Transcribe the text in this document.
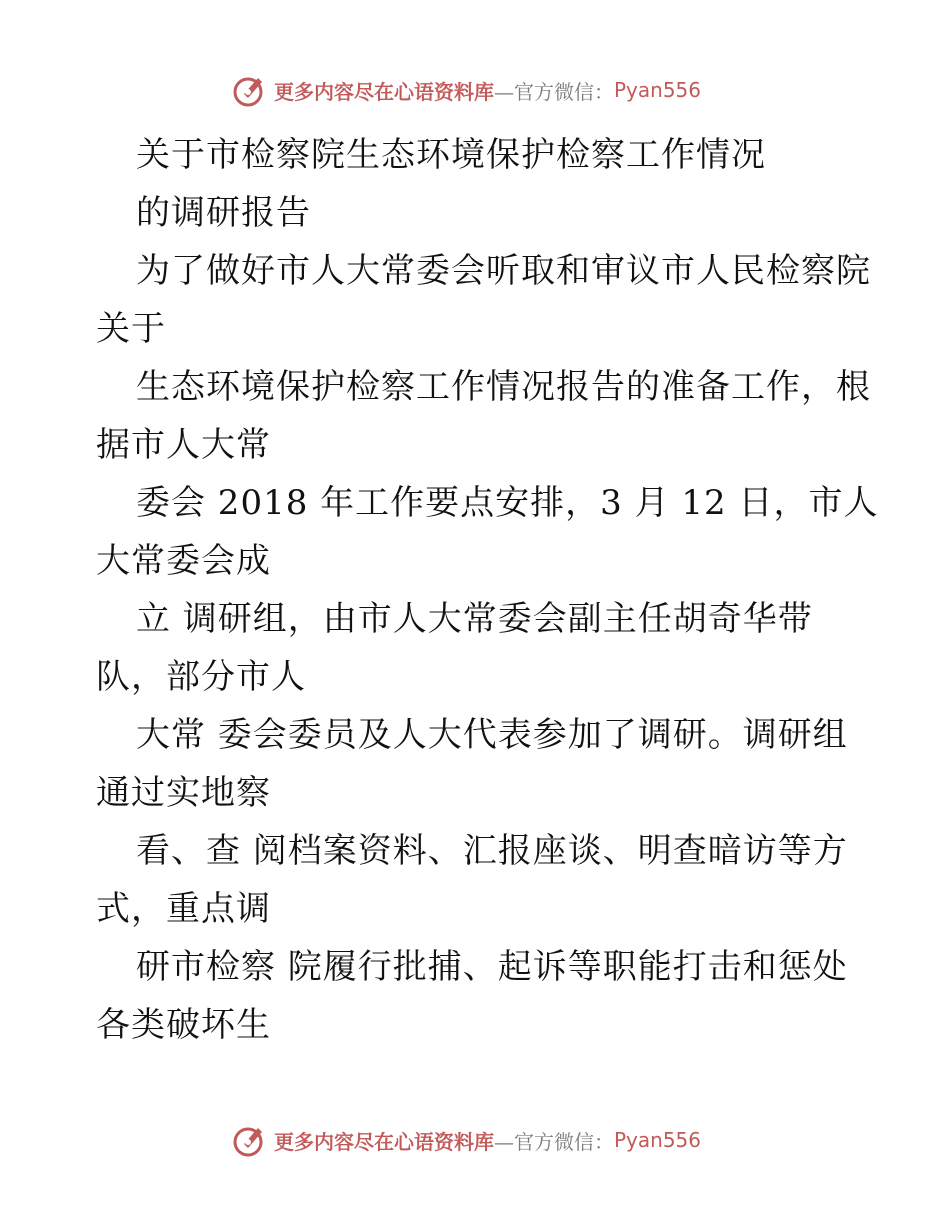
更多内容尽在心语资料库 —官方微信： Pyan556
关于市检察院生态环境保护检察工作情况
的调研报告
为了做好市人大常委会听取和审议市人民检察院
关于
生态环境保护检察工作情况报告的准备工作，根
据市人大常
委会 2018 年工作要点安排，3 月 12 日，市人
大常委会成
立 调研组，由市人大常委会副主任胡奇华带
队，部分市人
大常 委会委员及人大代表参加了调研。调研组
通过实地察
看、查 阅档案资料、汇报座谈、明查暗访等方
式，重点调
研市检察 院履行批捕、起诉等职能打击和惩处
各类破坏生
更多内容尽在心语资料库 —官方微信： Pyan556
